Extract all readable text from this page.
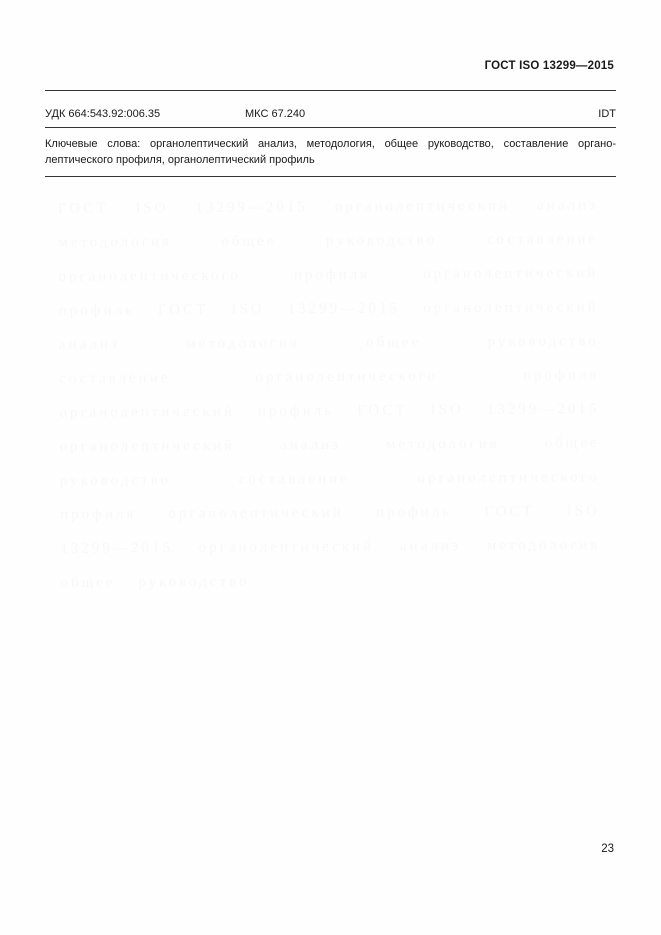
ГОСТ ISO 13299—2015 органолептический анализ методология общее руководство составление органолептического профиля органолептический профиль ГОСТ ISO 13299—2015 органолептический анализ методология общее руководство составление органолептического профиля органолептический профиль ГОСТ ISO 13299—2015 органолептический анализ методология общее руководство составление органолептического профиля органолептический профиль ГОСТ ISO 13299—2015 органолептический анализ методология общее руководство
ГОСТ ISO 13299—2015
УДК 664:543.92:006.35	МКС 67.240	IDT
Ключевые слова: органолептический анализ, методология, общее руководство, составление органо-лептического профиля, органолептический профиль
23
